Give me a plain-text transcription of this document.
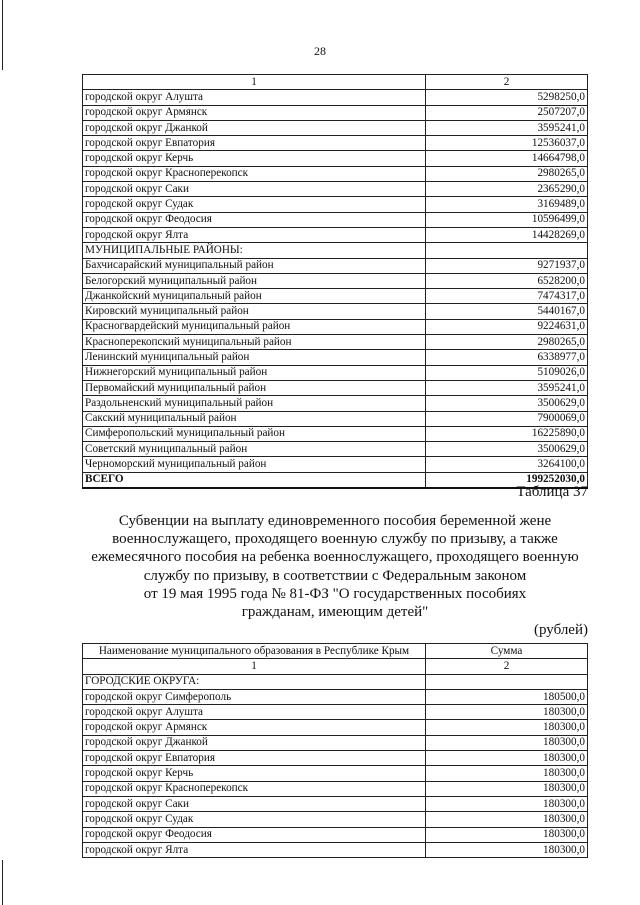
28
1	2
городской округ Алушта	5298250,0
городской округ Армянск	2507207,0
городской округ Джанкой	3595241,0
городской округ Евпатория	12536037,0
городской округ Керчь	14664798,0
городской округ Красноперекопск	2980265,0
городской округ Саки	2365290,0
городской округ Судак	3169489,0
городской округ Феодосия	10596499,0
городской округ Ялта	14428269,0
МУНИЦИПАЛЬНЫЕ РАЙОНЫ:	
Бахчисарайский муниципальный район	9271937,0
Белогорский муниципальный район	6528200,0
Джанкойский муниципальный район	7474317,0
Кировский муниципальный район	5440167,0
Красногвардейский муниципальный район	9224631,0
Красноперекопский муниципальный район	2980265,0
Ленинский муниципальный район	6338977,0
Нижнегорский муниципальный район	5109026,0
Первомайский муниципальный район	3595241,0
Раздольненский муниципальный район	3500629,0
Сакский муниципальный район	7900069,0
Симферопольский муниципальный район	16225890,0
Советский муниципальный район	3500629,0
Черноморский муниципальный район	3264100,0
ВСЕГО	199252030,0
Таблица 37
Субвенции на выплату единовременного пособия беременной жене
военнослужащего, проходящего военную службу по призыву, а также
ежемесячного пособия на ребенка военнослужащего, проходящего военную
службу по призыву, в соответствии с Федеральным законом
от 19 мая 1995 года № 81-ФЗ "О государственных пособиях
гражданам, имеющим детей"
(рублей)
Наименование муниципального образования в Республике Крым	Сумма
1	2
ГОРОДСКИЕ ОКРУГА:	
городской округ Симферополь	180500,0
городской округ Алушта	180300,0
городской округ Армянск	180300,0
городской округ Джанкой	180300,0
городской округ Евпатория	180300,0
городской округ Керчь	180300,0
городской округ Красноперекопск	180300,0
городской округ Саки	180300,0
городской округ Судак	180300,0
городской округ Феодосия	180300,0
городской округ Ялта	180300,0
